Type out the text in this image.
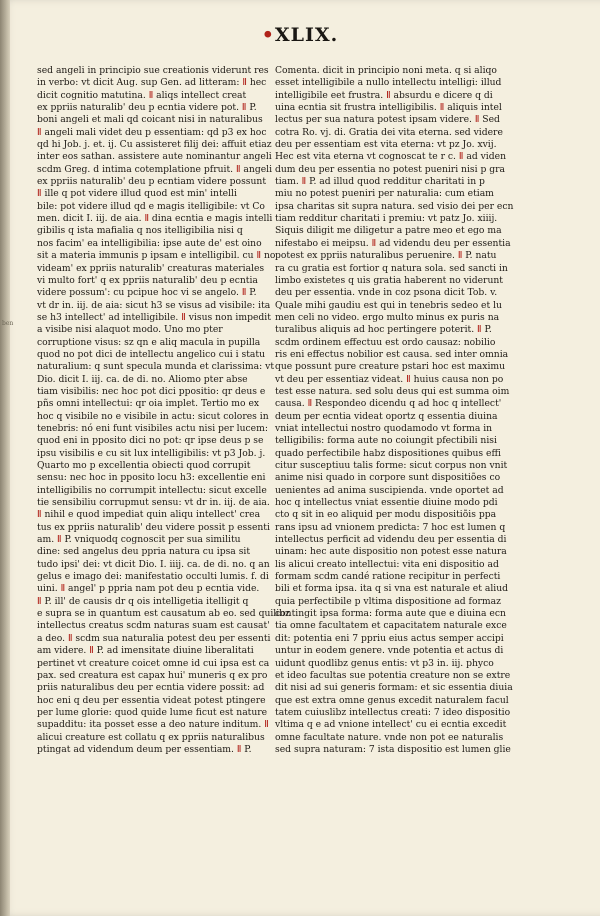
ben
•XLIX.
sed angeli in principio sue creationis viderunt res
in verbo: vt dicit Aug. sup Gen. ad litteram: ǁ hec
dicit cognitio matutina. ǁ aliqs intellect creat
ex ppriis naturalib' deu p ecntia videre pot. ǁ P.
boni angeli et mali qd coicant nisi in naturalibus
ǁ angeli mali videt deu p essentiam: qd p3 ex hoc
qd hi Job. j. et. ij. Cu assisteret filij dei: affuit etiaz
inter eos sathan. assistere aute nominantur angeli
scdm Greg. d intima cotemplatione pfruit. ǁ angeli
ex ppriis naturalib' deu p ecntiam videre possunt
ǁ ille q pot videre illud quod est min' intelli
bile: pot videre illud qd e magis itelligibile: vt Co
men. dicit I. iij. de aia. ǁ dina ecntia e magis intelli
gibilis q ista mafialia q nos itelligibilia nisi q
nos facim' ea intelligibilia: ipse aute de' est oino
sit a materia immunis p ipsam e intelligibil. cu ǁ no
videam' ex ppriis naturalib' creaturas materiales
vi multo fort' q ex ppriis naturalib' deu p ecntia
videre possum': cu pcipue hoc vi se angelo. ǁ P.
vt dr in. iij. de aia: sicut h3 se visus ad visibile: ita
se h3 intellect' ad intelligibile. ǁ visus non impedit
a visibe nisi alaquot modo. Uno mo pter
corruptione visus: sz qn e aliq macula in pupilla
quod no pot dici de intellectu angelico cui i statu
naturalium: q sunt specula munda et clarissima: vt
Dio. dicit I. iij. ca. de di. no. Aliomo pter abse
tiam visibilis: nec hoc pot dici ppositio: qr deus e
pñs omni intellectui: qr oia implet. Tertio mo ex
hoc q visibile no e visibile in actu: sicut colores in
tenebris: nó eni funt visibiles actu nisi per lucem:
quod eni in pposito dici no pot: qr ipse deus p se
ipsu visibilis e cu sit lux intelligibilis: vt p3 Job. j.
Quarto mo p excellentia obiecti quod corrupit
sensu: nec hoc in pposito locu h3: excellentie eni
intelligibilis no corrumpit intellectu: sicut excelle
tie sensibiliu corrupmut sensu: vt dr in. iij. de aia.
ǁ nihil e quod impediat quin aliqu intellect' crea
tus ex ppriis naturalib' deu videre possit p essenti
am. ǁ P. vniquodq cognoscit per sua similitu
dine: sed angelus deu ppria natura cu ipsa sit
tudo ipsi' dei: vt dicit Dio. I. iiij. ca. de di. no. q an
gelus e imago dei: manifestatio occulti lumis. f. di
uini. ǁ angel' p ppria nam pot deu p ecntia vide.
ǁ P. ill' de causis dr q ois intelligetia itelligit q
e supra se in quantum est causatum ab eo. sed quilibz
intellectus creatus scdm naturas suam est causat'
a deo. ǁ scdm sua naturalia potest deu per essenti
am videre. ǁ P. ad imensitate diuine liberalitati
pertinet vt creature coicet omne id cui ipsa est ca
pax. sed creatura est capax hui' muneris q ex pro
priis naturalibus deu per ecntia videre possit: ad
hoc eni q deu per essentia videat potest ptingere
per lume glorie: quod quide lume ficut est nature
supadditu: ita posset esse a deo nature inditum. ǁ
alicui creature est collatu q ex ppriis naturalibus
ptingat ad videndum deum per essentiam. ǁ P.
Comenta. dicit in principio noni meta. q si aliqo
esset intelligibile a nullo intellectu intelligi: illud
intelligibile eet frustra. ǁ absurdu e dicere q di
uina ecntia sit frustra intelligibilis. ǁ aliquis intel
lectus per sua natura potest ipsam videre. ǁ Sed
cotra Ro. vj. di. Gratia dei vita eterna. sed videre
deu per essentiam est vita eterna: vt pz Jo. xvij.
Hec est vita eterna vt cognoscat te r c. ǁ ad viden
dum deu per essentia no potest pueniri nisi p gra
tiam. ǁ P. ad illud quod redditur charitati in p
miu no potest pueniri per naturalia: cum etiam
ipsa charitas sit supra natura. sed visio dei per ecn
tiam redditur charitati i premiu: vt patz Jo. xiiij.
Siquis diligit me diligetur a patre meo et ego ma
nifestabo ei meipsu. ǁ ad videndu deu per essentia
potest ex ppriis naturalibus peruenire. ǁ P. natu
ra cu gratia est fortior q natura sola. sed sancti in
limbo existetes q uis gratia haberent no viderunt
deu per essentia. vnde in coz psona dicit Tob. v.
Quale mihi gaudiu est qui in tenebris sedeo et lu
men celi no video. ergo multo minus ex puris na
turalibus aliquis ad hoc pertingere poterit. ǁ P.
scdm ordinem effectuu est ordo causaz: nobilio
ris eni effectus nobilior est causa. sed inter omnia
que possunt pure creature pstari hoc est maximu
vt deu per essentiaz videat. ǁ huius causa non po
test esse natura. sed solu deus qui est summa oim
causa. ǁ Respondeo dicendu q ad hoc q intellect'
deum per ecntia videat oportz q essentia diuina
vniat intellectui nostro quodamodo vt forma in
telligibilis: forma aute no coiungit pfectibili nisi
quado perfectibile habz dispositiones quibus effi
citur susceptiuu talis forme: sicut corpus non vnit
anime nisi quado in corpore sunt dispositiões co
uenientes ad anima suscipienda. vnde oportet ad
hoc q intellectus vniat essentie diuine modo pdi
cto q sit in eo aliquid per modu dispositiõis ppa
rans ipsu ad vnionem predicta: 7 hoc est lumen q
intellectus perficit ad videndu deu per essentia di
uinam: hec aute dispositio non potest esse natura
lis alicui creato intellectui: vita eni dispositio ad
formam scdm candé ratione recipitur in perfecti
bili et forma ipsa. ita q si vna est naturale et aliud
quia perfectibile p vltima dispositione ad formaz
contingit ipsa forma: forma aute que e diuina ecn
tia omne facultatem et capacitatem naturale exce
dit: potentia eni 7 ppriu eius actus semper accipi
untur in eodem genere. vnde potentia et actus di
uidunt quodlibz genus entis: vt p3 in. iij. phyco
et ideo facultas sue potentia creature non se extre
dit nisi ad sui generis formam: et sic essentia diuia
que est extra omne genus excedit naturalem facul
tatem cuiuslibz intellectus creati: 7 ideo dispositio
vltima q e ad vnione intellect' cu ei ecntia excedit
omne facultate nature. vnde non pot ee naturalis
sed supra naturam: 7 ista dispositio est lumen glie
